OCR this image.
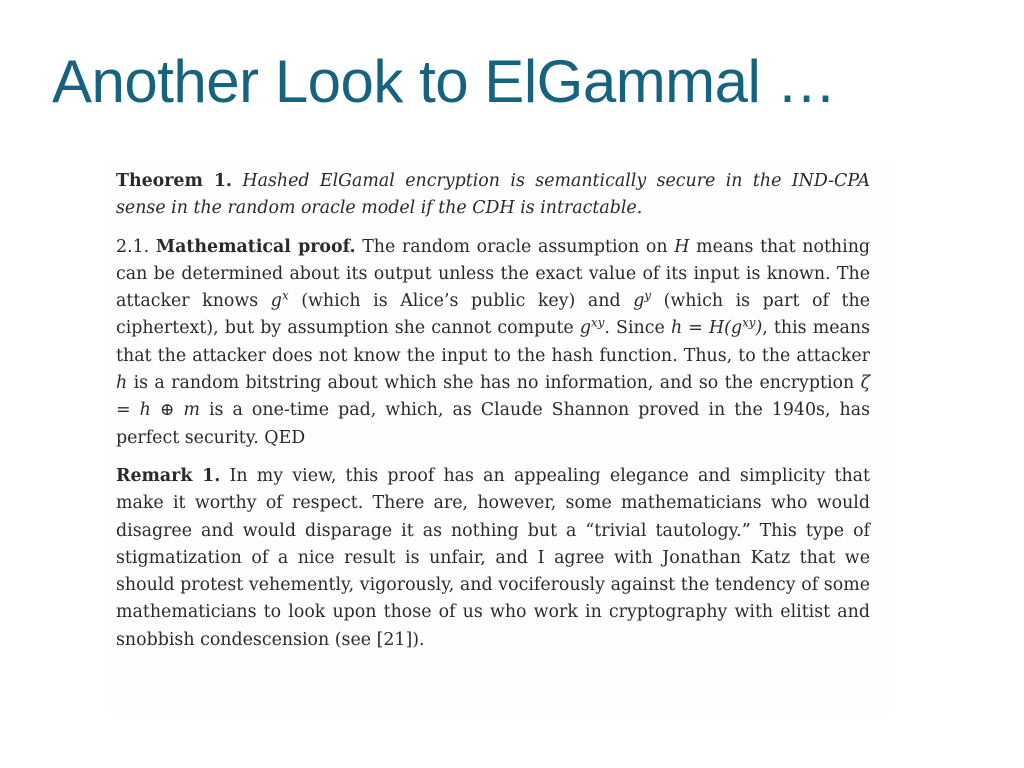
Another Look to ElGammal …

Theorem 1. Hashed ElGamal encryption is semantically secure in the IND-CPA sense in the random oracle model if the CDH is intractable.

2.1. Mathematical proof. The random oracle assumption on H means that nothing can be determined about its output unless the exact value of its input is known. The attacker knows $g^x$ (which is Alice’s public key) and $g^y$ (which is part of the ciphertext), but by assumption she cannot compute $g^{xy}$. Since $h = H(g^{xy})$, this means that the attacker does not know the input to the hash function. Thus, to the attacker h is a random bitstring about which she has no information, and so the encryption ζ = h ⊕ m is a one-time pad, which, as Claude Shannon proved in the 1940s, has perfect security. QED

Remark 1. In my view, this proof has an appealing elegance and simplicity that make it worthy of respect. There are, however, some mathematicians who would disagree and would disparage it as nothing but a “trivial tautology.” This type of stigmatization of a nice result is unfair, and I agree with Jonathan Katz that we should protest vehemently, vigorously, and vociferously against the tendency of some mathematicians to look upon those of us who work in cryptography with elitist and snobbish condescension (see [21]).
